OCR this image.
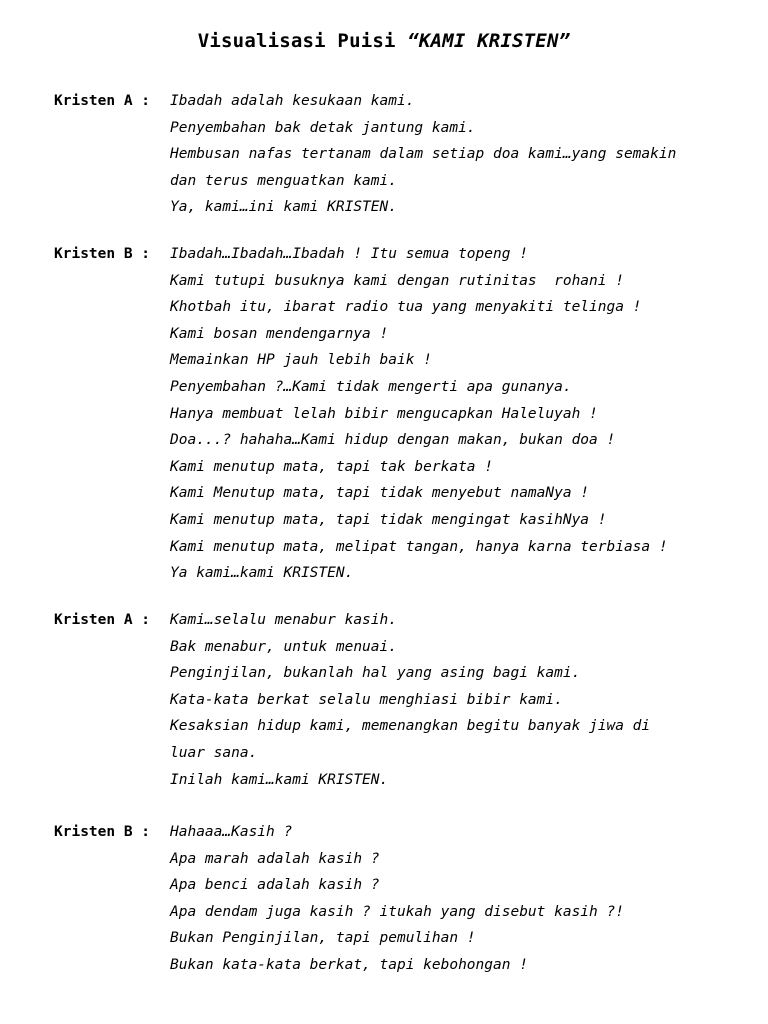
Visualisasi Puisi “KAMI KRISTEN”
Kristen A : Ibadah adalah kesukaan kami.
Penyembahan bak detak jantung kami.
Hembusan nafas tertanam dalam setiap doa kami…yang semakin
dan terus menguatkan kami.
Ya, kami…ini kami KRISTEN.
Kristen B : Ibadah…Ibadah…Ibadah ! Itu semua topeng !
Kami tutupi busuknya kami dengan rutinitas  rohani !
Khotbah itu, ibarat radio tua yang menyakiti telinga !
Kami bosan mendengarnya !
Memainkan HP jauh lebih baik !
Penyembahan ?…Kami tidak mengerti apa gunanya.
Hanya membuat lelah bibir mengucapkan Haleluyah !
Doa...? hahaha…Kami hidup dengan makan, bukan doa !
Kami menutup mata, tapi tak berkata !
Kami Menutup mata, tapi tidak menyebut namaNya !
Kami menutup mata, tapi tidak mengingat kasihNya !
Kami menutup mata, melipat tangan, hanya karna terbiasa !
Ya kami…kami KRISTEN.
Kristen A : Kami…selalu menabur kasih.
Bak menabur, untuk menuai.
Penginjilan, bukanlah hal yang asing bagi kami.
Kata-kata berkat selalu menghiasi bibir kami.
Kesaksian hidup kami, memenangkan begitu banyak jiwa di
luar sana.
Inilah kami…kami KRISTEN.
Kristen B : Hahaaa…Kasih ?
Apa marah adalah kasih ?
Apa benci adalah kasih ?
Apa dendam juga kasih ? itukah yang disebut kasih ?!
Bukan Penginjilan, tapi pemulihan !
Bukan kata-kata berkat, tapi kebohongan !
